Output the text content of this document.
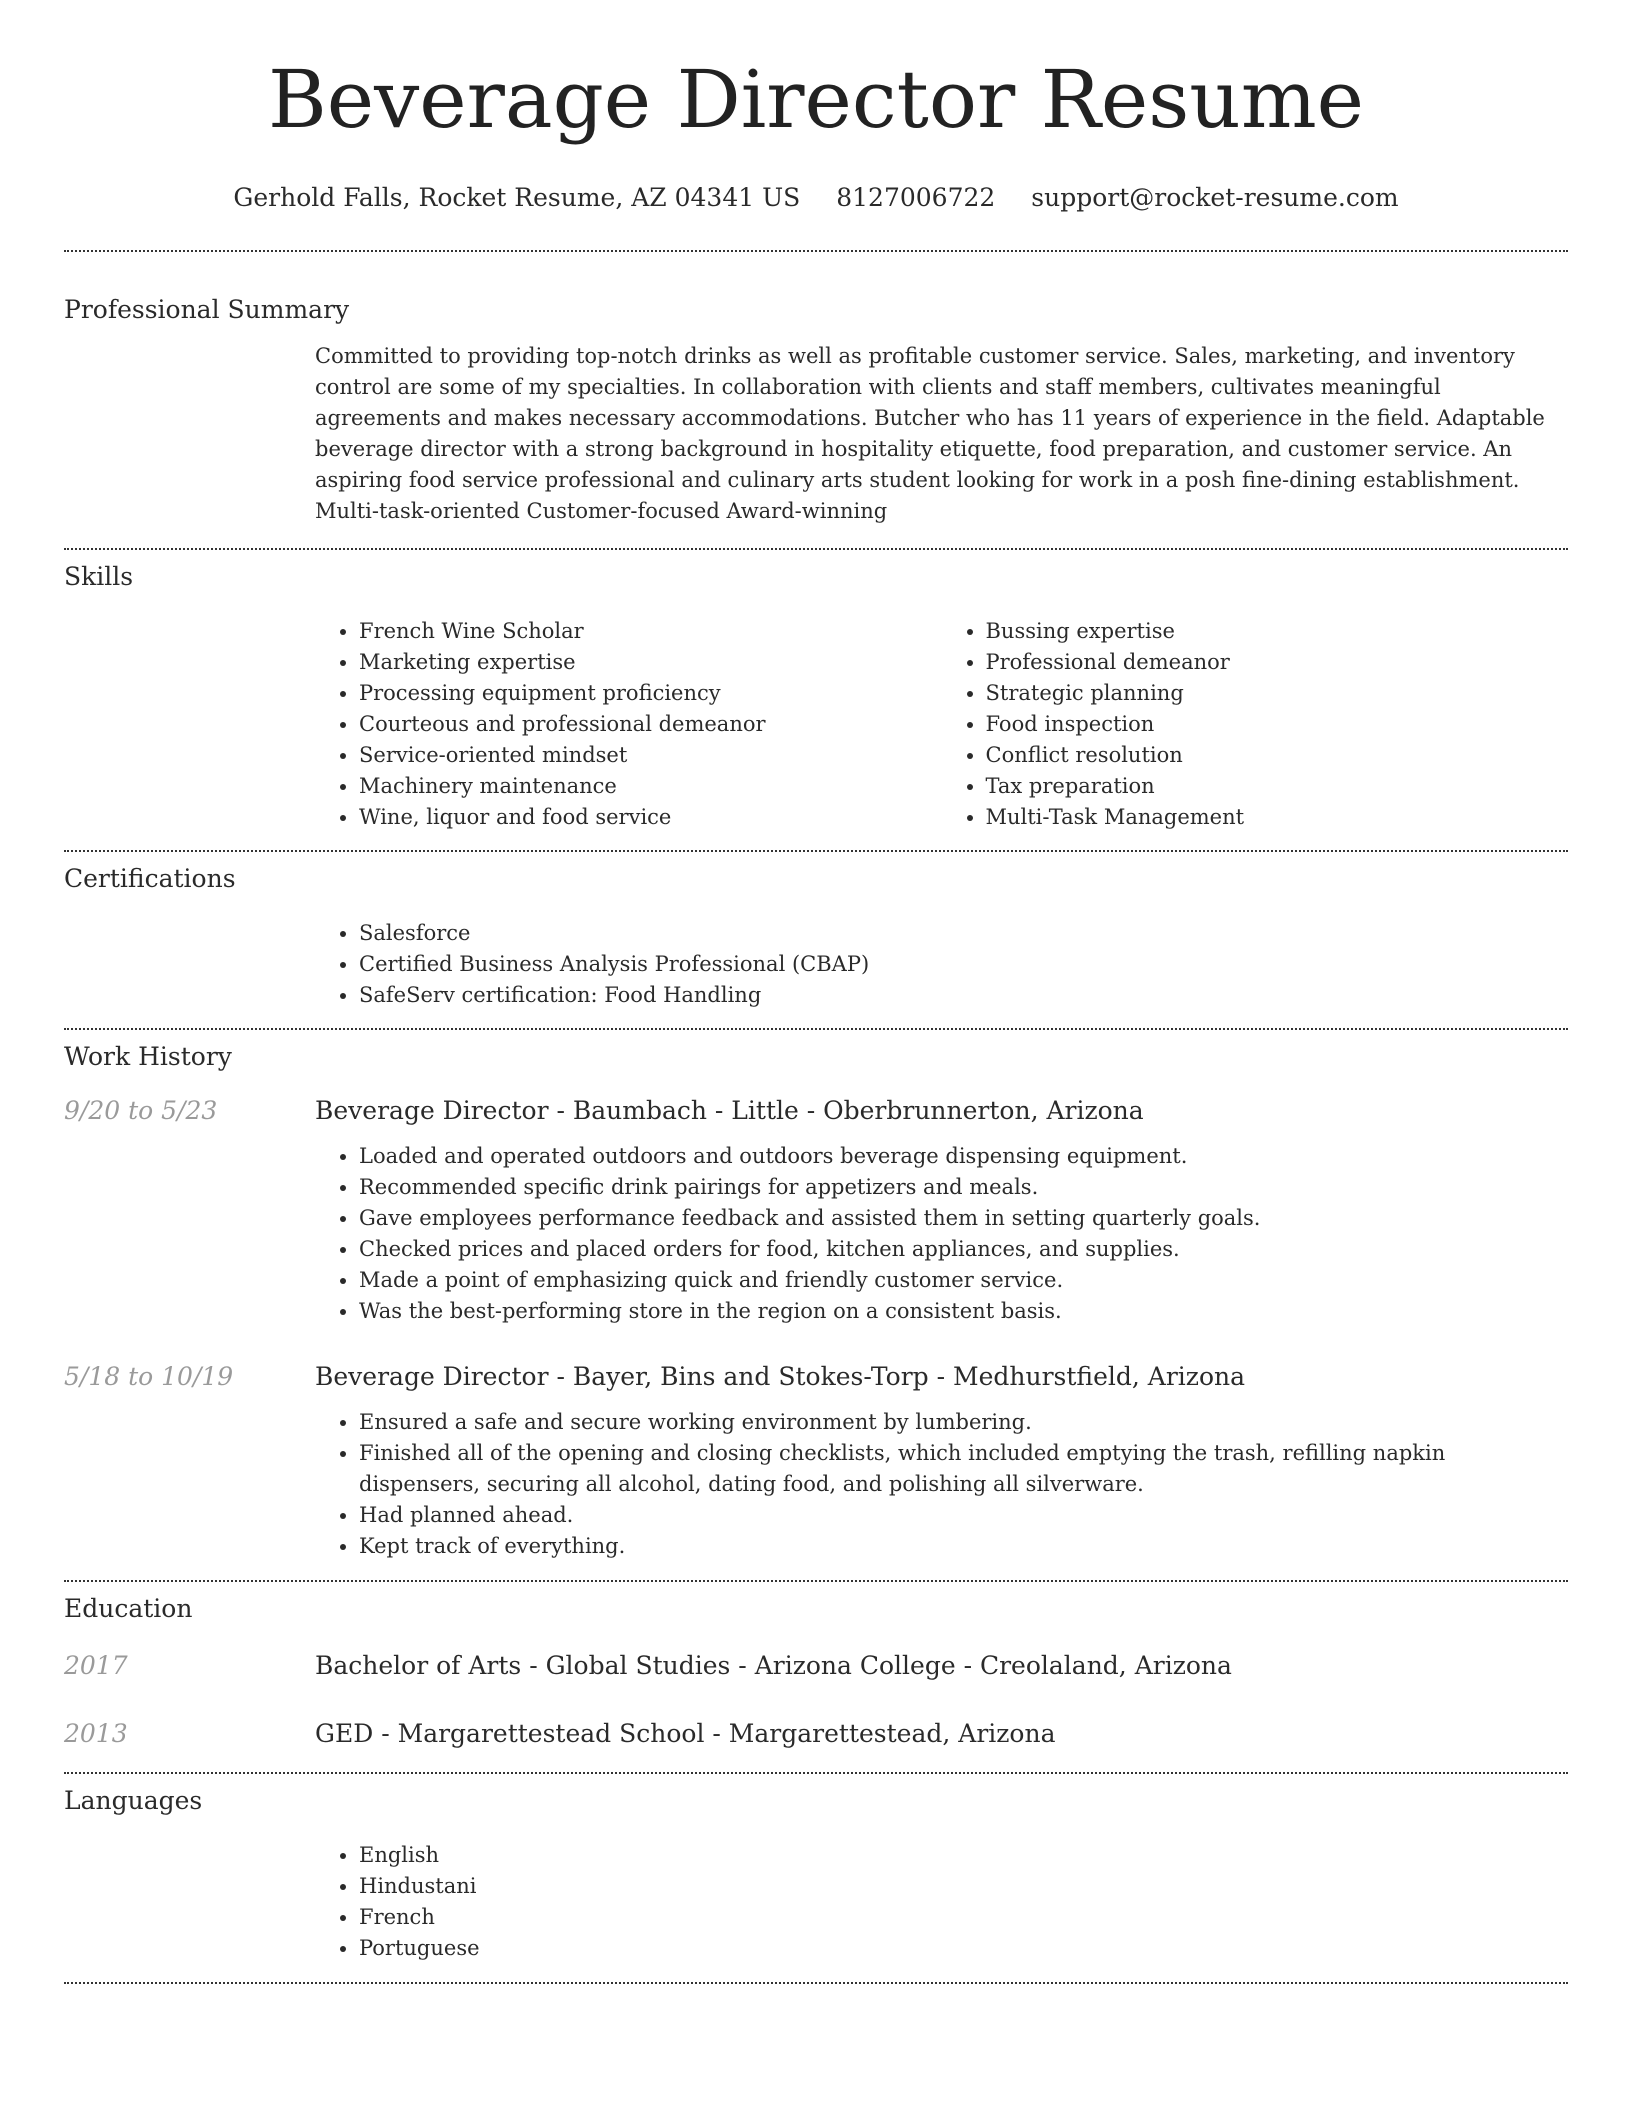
Beverage Director Resume
Gerhold Falls, Rocket Resume, AZ 04341 US 8127006722 support@rocket-resume.com
Professional Summary

Committed to providing top-notch drinks as well as profitable customer service. Sales, marketing, and inventory control are some of my specialties. In collaboration with clients and staff members, cultivates meaningful agreements and makes necessary accommodations. Butcher who has 11 years of experience in the field. Adaptable beverage director with a strong background in hospitality etiquette, food preparation, and customer service. An aspiring food service professional and culinary arts student looking for work in a posh fine-dining establishment. Multi-task-oriented Customer-focused Award-winning

Skills
• French Wine Scholar
• Marketing expertise
• Processing equipment proficiency
• Courteous and professional demeanor
• Service-oriented mindset
• Machinery maintenance
• Wine, liquor and food service
• Bussing expertise
• Professional demeanor
• Strategic planning
• Food inspection
• Conflict resolution
• Tax preparation
• Multi-Task Management
Certifications
• Salesforce
• Certified Business Analysis Professional (CBAP)
• SafeServ certification: Food Handling
Work History
9/20 to 5/23	Beverage Director - Baumbach - Little - Oberbrunnerton, Arizona
• Loaded and operated outdoors and outdoors beverage dispensing equipment.
• Recommended specific drink pairings for appetizers and meals.
• Gave employees performance feedback and assisted them in setting quarterly goals.
• Checked prices and placed orders for food, kitchen appliances, and supplies.
• Made a point of emphasizing quick and friendly customer service.
• Was the best-performing store in the region on a consistent basis.
5/18 to 10/19	Beverage Director - Bayer, Bins and Stokes-Torp - Medhurstfield, Arizona
• Ensured a safe and secure working environment by lumbering.
• Finished all of the opening and closing checklists, which included emptying the trash, refilling napkin dispensers, securing all alcohol, dating food, and polishing all silverware.
• Had planned ahead.
• Kept track of everything.
Education
2017	Bachelor of Arts - Global Studies - Arizona College - Creolaland, Arizona
2013	GED - Margarettestead School - Margarettestead, Arizona
Languages
• English
• Hindustani
• French
• Portuguese
